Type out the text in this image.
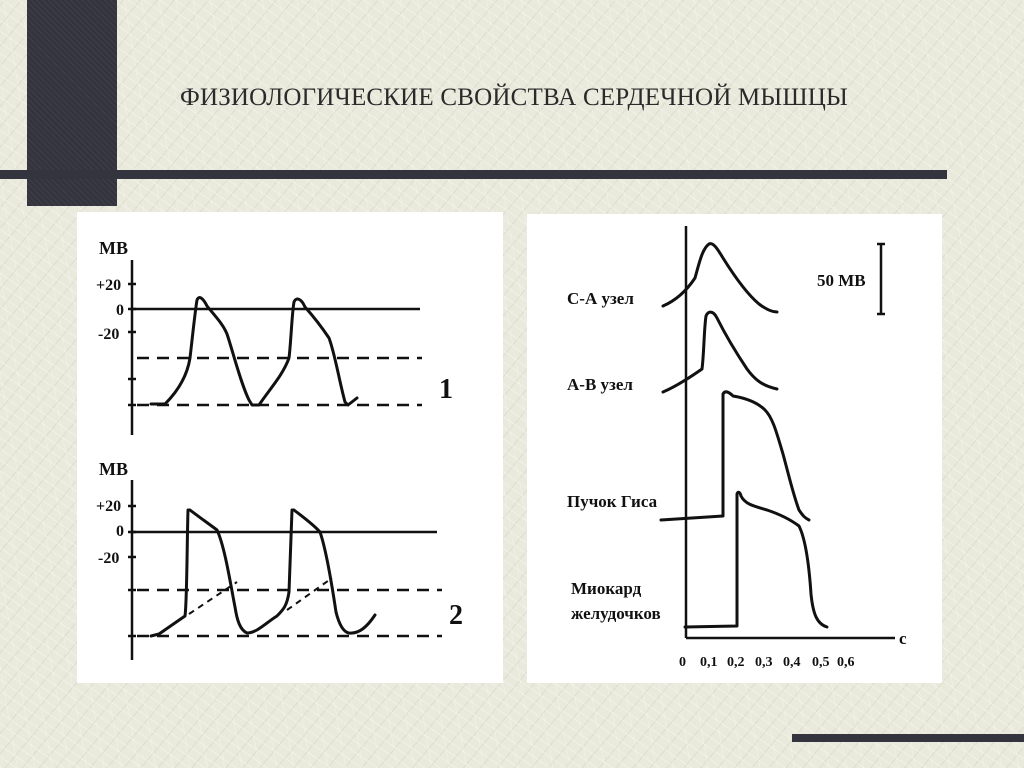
ФИЗИОЛОГИЧЕСКИЕ СВОЙСТВА СЕРДЕЧНОЙ МЫШЦЫ
МВ
+20
0
-20
1
МВ
+20
0
-20
2
С-А узел
А-В узел
Пучок Гиса
Миокард
желудочков
50 МВ
0 0,1 0,2 0,3 0,4 0,5 0,6
с
